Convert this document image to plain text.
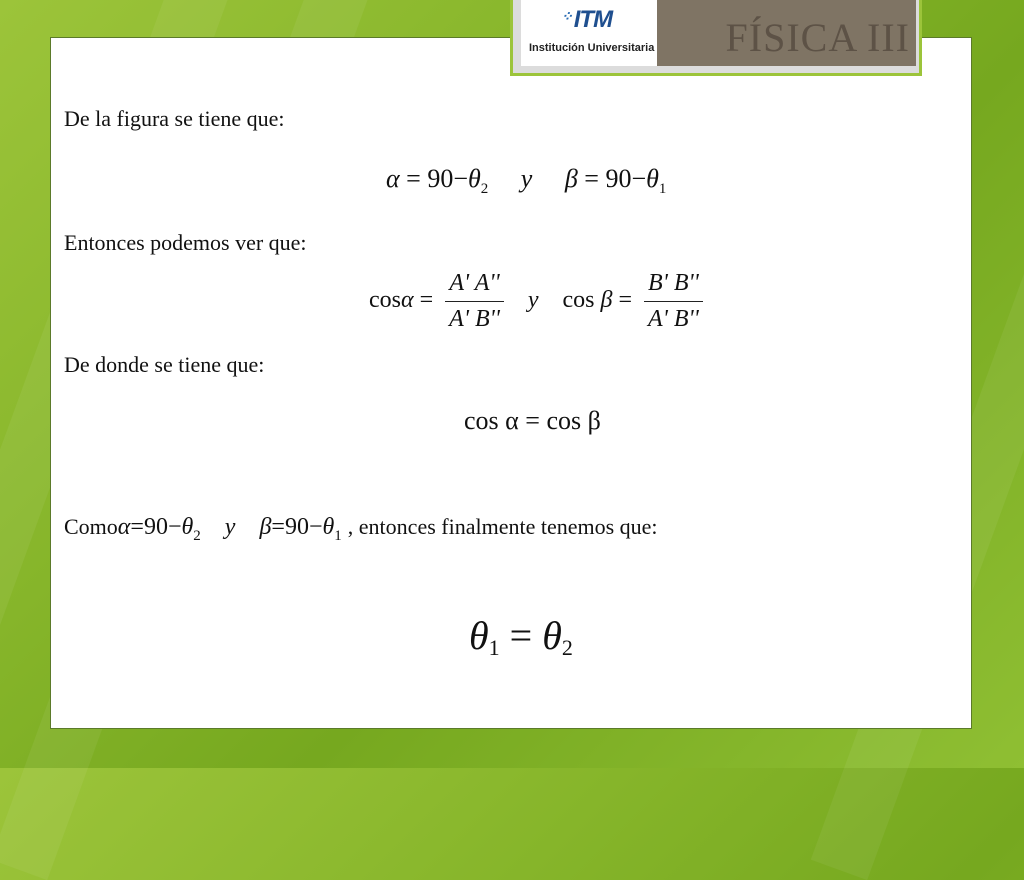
De la figura se tiene que:
$\alpha = 90-\theta_2$ y $\beta = 90-\theta_1$
Entonces podemos ver que:
$\cos\alpha = \frac{A' A''}{A' B''}$ y $\cos \beta = \frac{B' B''}{A' B''}$
De donde se tiene que:
cos α = cos β
$Como\alpha=90-\theta_2$ y $\beta=90-\theta_1$ , entonces finalmente tenemos que:
$\theta_1 = \theta_2$
⁘ITM
Institución Universitaria FÍSICA III
